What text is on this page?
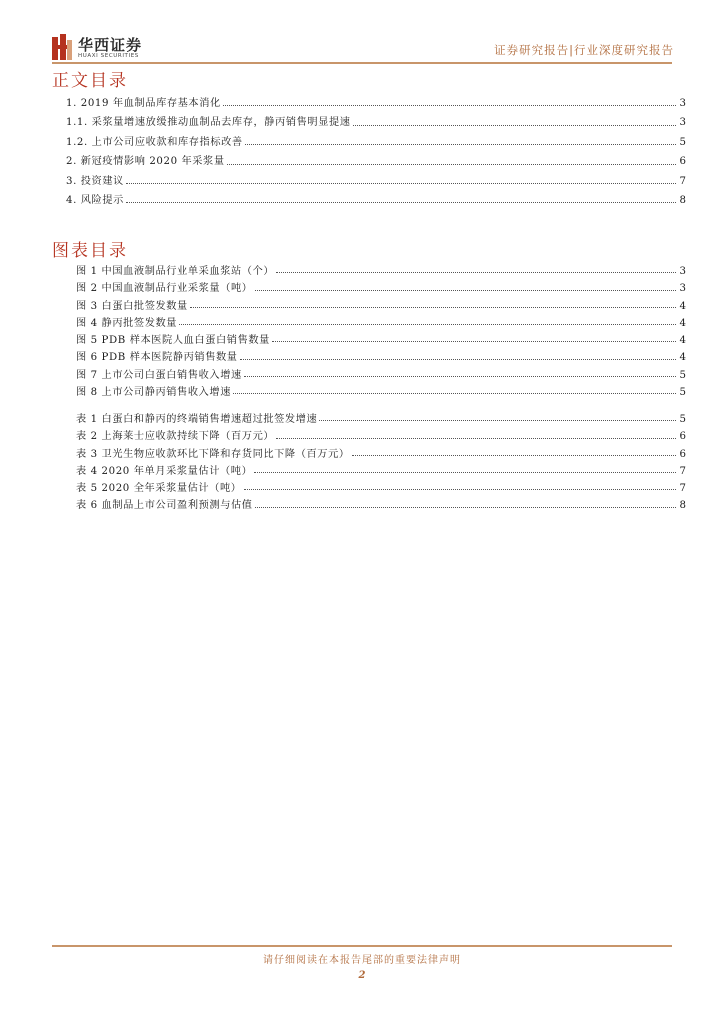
华西证券
HUAXI SECURITIES	证券研究报告|行业深度研究报告
正文目录
1. 2019 年血制品库存基本消化	3
1.1. 采浆量增速放缓推动血制品去库存，静丙销售明显提速	3
1.2. 上市公司应收款和库存指标改善	5
2. 新冠疫情影响 2020 年采浆量	6
3. 投资建议	7
4. 风险提示	8
图表目录
图 1 中国血液制品行业单采血浆站（个）	3
图 2 中国血液制品行业采浆量（吨）	3
图 3 白蛋白批签发数量	4
图 4 静丙批签发数量	4
图 5 PDB 样本医院人血白蛋白销售数量	4
图 6 PDB 样本医院静丙销售数量	4
图 7 上市公司白蛋白销售收入增速	5
图 8 上市公司静丙销售收入增速	5
表 1 白蛋白和静丙的终端销售增速超过批签发增速	5
表 2 上海莱士应收款持续下降（百万元）	6
表 3 卫光生物应收款环比下降和存货同比下降（百万元）	6
表 4 2020 年单月采浆量估计（吨）	7
表 5 2020 全年采浆量估计（吨）	7
表 6 血制品上市公司盈利预测与估值	8
请仔细阅读在本报告尾部的重要法律声明
2
